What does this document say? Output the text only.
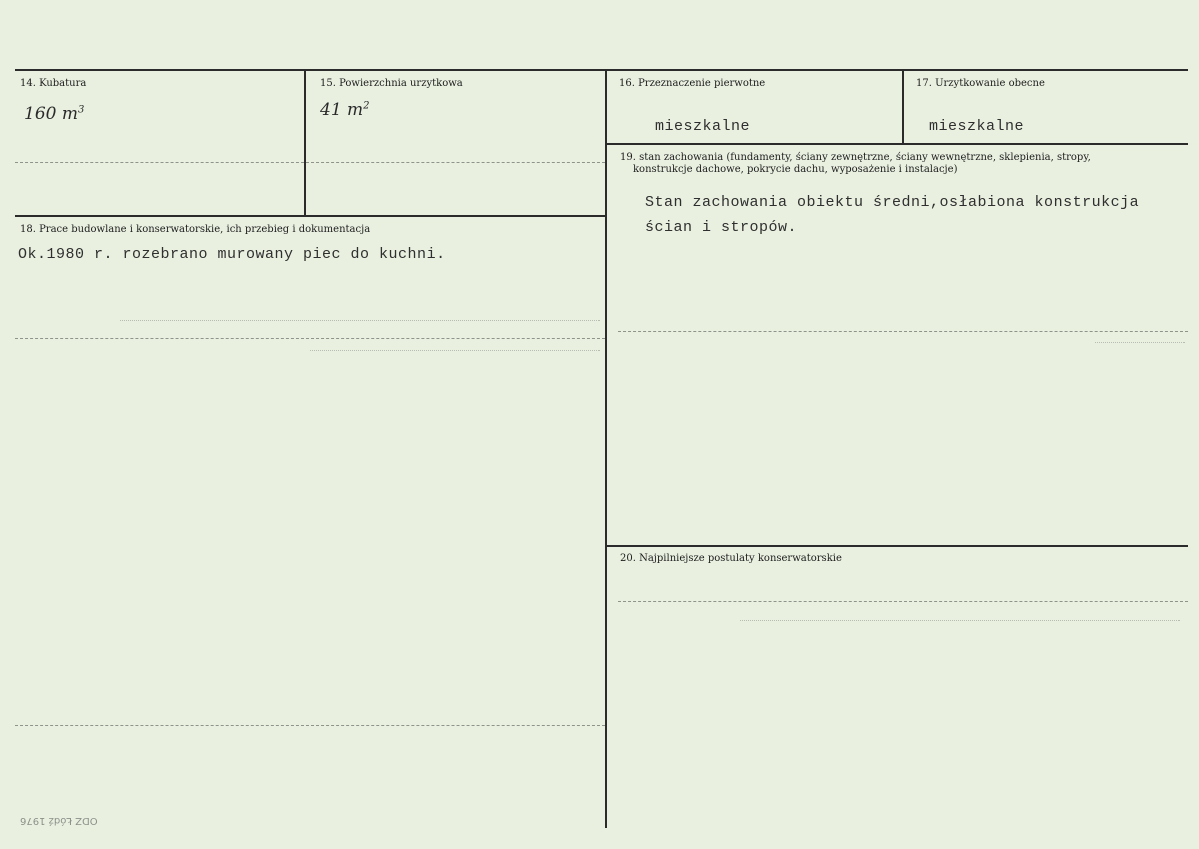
14. Kubatura
160 $m^3$
15. Powierzchnia urzytkowa
41 $m^2$
16. Przeznaczenie pierwotne
mieszkalne
17. Urzytkowanie obecne
mieszkalne
18. Prace budowlane i konserwatorskie, ich przebieg i dokumentacja
Ok.1980 r. rozebrano murowany piec do kuchni.
19. stan zachowania (fundamenty, ściany zewnętrzne, ściany wewnętrzne, sklepienia, stropy,
konstrukcje dachowe, pokrycie dachu, wyposażenie i instalacje)
Stan zachowania obiektu średni,osłabiona konstrukcja
ścian i stropów.
20. Najpilniejsze postulaty konserwatorskie
ODZ Łódź 1976
